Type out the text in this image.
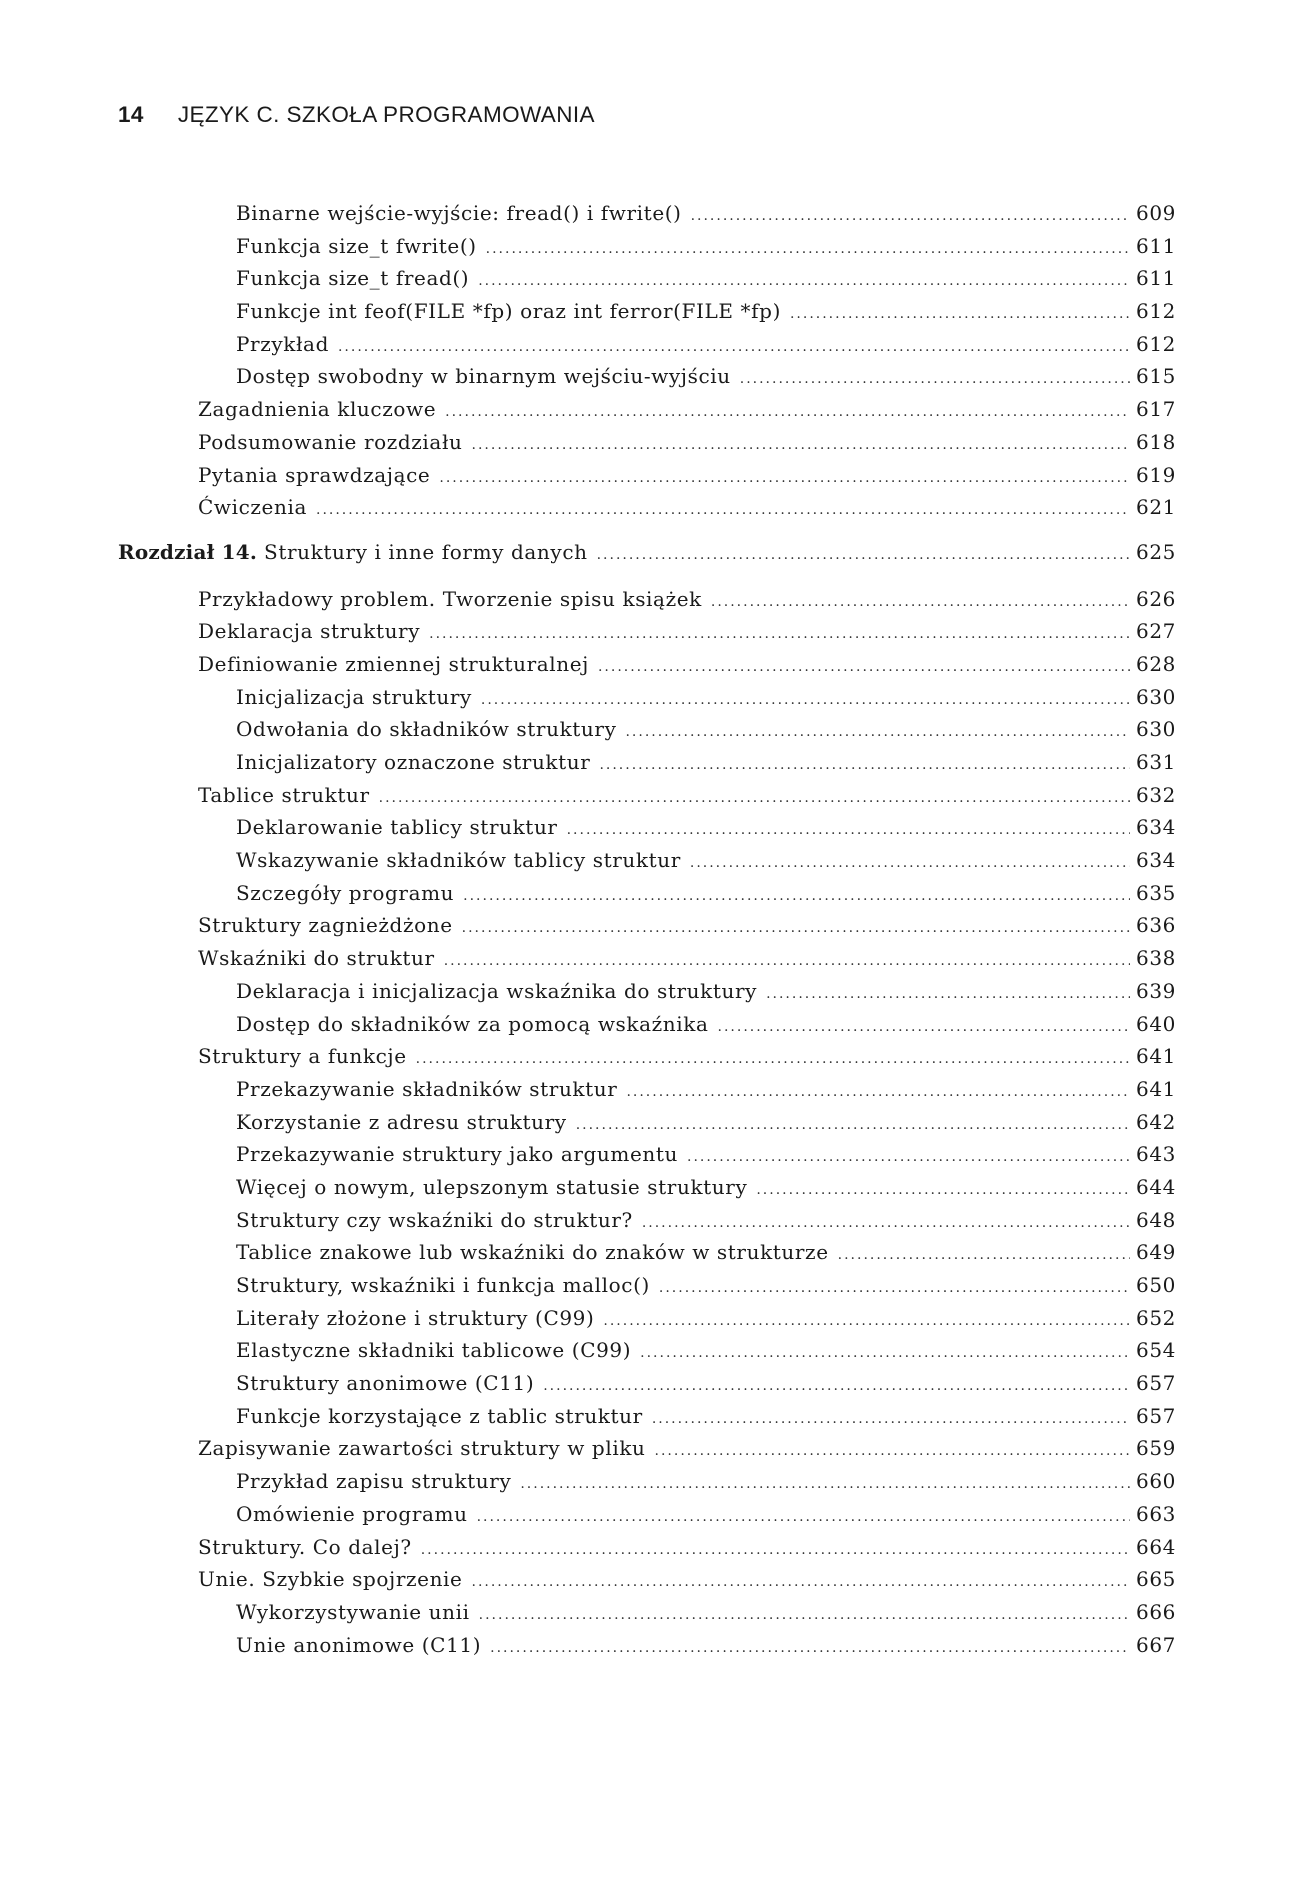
14 JĘZYK C. SZKOŁA PROGRAMOWANIA
Binarne wejście-wyjście: fread() i fwrite() .....	609
Funkcja size_t fwrite() .....	611
Funkcja size_t fread() .....	611
Funkcje int feof(FILE *fp) oraz int ferror(FILE *fp) .....	612
Przykład .....	612
Dostęp swobodny w binarnym wejściu-wyjściu .....	615
Zagadnienia kluczowe .....	617
Podsumowanie rozdziału .....	618
Pytania sprawdzające .....	619
Ćwiczenia .....	621
Rozdział 14. Struktury i inne formy danych .....	625
Przykładowy problem. Tworzenie spisu książek .....	626
Deklaracja struktury .....	627
Definiowanie zmiennej strukturalnej .....	628
Inicjalizacja struktury .....	630
Odwołania do składników struktury .....	630
Inicjalizatory oznaczone struktur .....	631
Tablice struktur .....	632
Deklarowanie tablicy struktur .....	634
Wskazywanie składników tablicy struktur .....	634
Szczegóły programu .....	635
Struktury zagnieżdżone .....	636
Wskaźniki do struktur .....	638
Deklaracja i inicjalizacja wskaźnika do struktury .....	639
Dostęp do składników za pomocą wskaźnika .....	640
Struktury a funkcje .....	641
Przekazywanie składników struktur .....	641
Korzystanie z adresu struktury .....	642
Przekazywanie struktury jako argumentu .....	643
Więcej o nowym, ulepszonym statusie struktury .....	644
Struktury czy wskaźniki do struktur? .....	648
Tablice znakowe lub wskaźniki do znaków w strukturze .....	649
Struktury, wskaźniki i funkcja malloc() .....	650
Literały złożone i struktury (C99) .....	652
Elastyczne składniki tablicowe (C99) .....	654
Struktury anonimowe (C11) .....	657
Funkcje korzystające z tablic struktur .....	657
Zapisywanie zawartości struktury w pliku .....	659
Przykład zapisu struktury .....	660
Omówienie programu .....	663
Struktury. Co dalej? .....	664
Unie. Szybkie spojrzenie .....	665
Wykorzystywanie unii .....	666
Unie anonimowe (C11) .....	667
